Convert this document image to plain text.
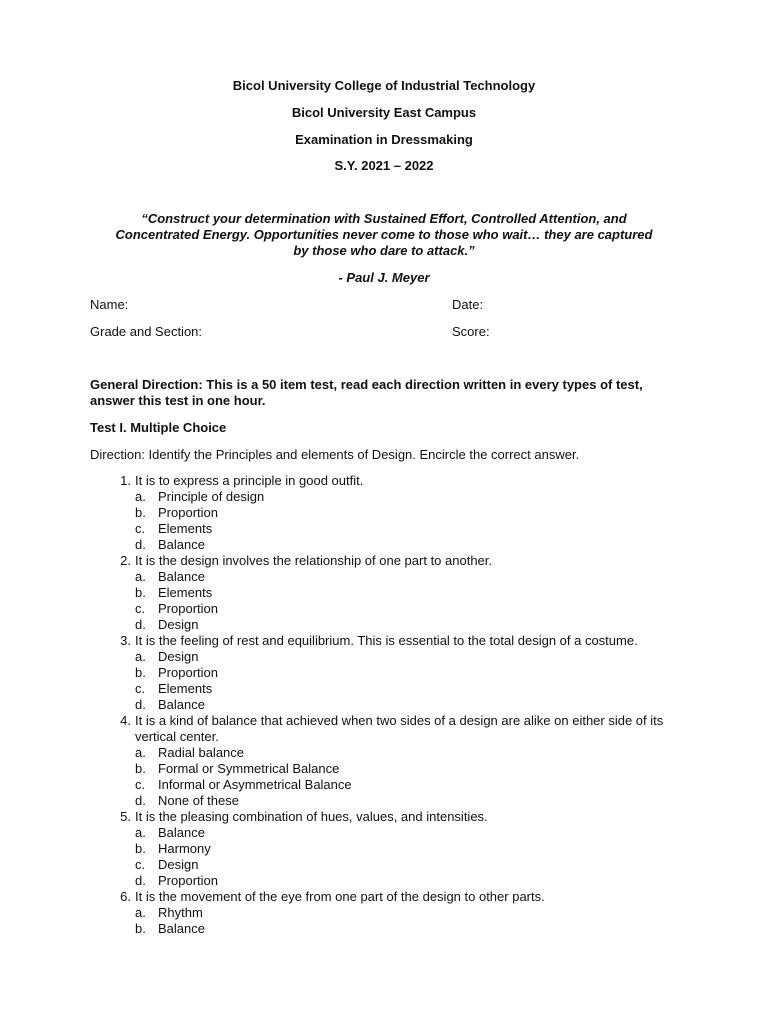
Bicol University College of Industrial Technology
Bicol University East Campus
Examination in Dressmaking
S.Y. 2021 – 2022
“Construct your determination with Sustained Effort, Controlled Attention, and
Concentrated Energy. Opportunities never come to those who wait… they are captured
by those who dare to attack.”
- Paul J. Meyer
Name:	Date:
Grade and Section:	Score:
General Direction: This is a 50 item test, read each direction written in every types of test,
answer this test in one hour.
Test I. Multiple Choice
Direction: Identify the Principles and elements of Design. Encircle the correct answer.
1. It is to express a principle in good outfit.
a. Principle of design
b. Proportion
c. Elements
d. Balance
2. It is the design involves the relationship of one part to another.
a. Balance
b. Elements
c. Proportion
d. Design
3. It is the feeling of rest and equilibrium. This is essential to the total design of a costume.
a. Design
b. Proportion
c. Elements
d. Balance
4. It is a kind of balance that achieved when two sides of a design are alike on either side of its vertical center.
a. Radial balance
b. Formal or Symmetrical Balance
c. Informal or Asymmetrical Balance
d. None of these
5. It is the pleasing combination of hues, values, and intensities.
a. Balance
b. Harmony
c. Design
d. Proportion
6. It is the movement of the eye from one part of the design to other parts.
a. Rhythm
b. Balance
